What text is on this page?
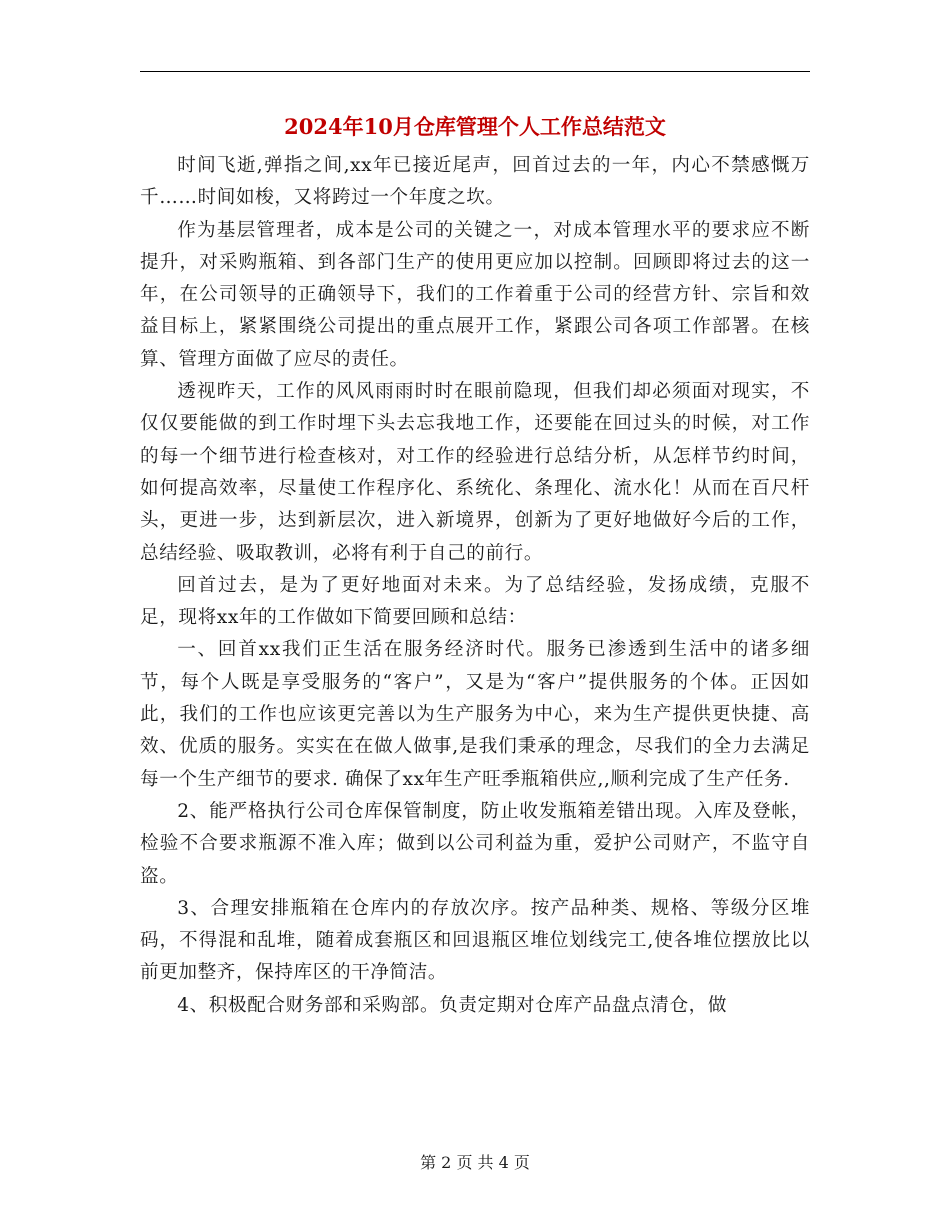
2024年10月仓库管理个人工作总结范文

时间飞逝,弹指之间,xx年已接近尾声，回首过去的一年，内心不禁感慨万千……时间如梭，又将跨过一个年度之坎。

作为基层管理者，成本是公司的关键之一，对成本管理水平的要求应不断提升，对采购瓶箱、到各部门生产的使用更应加以控制。回顾即将过去的这一年，在公司领导的正确领导下，我们的工作着重于公司的经营方针、宗旨和效益目标上，紧紧围绕公司提出的重点展开工作，紧跟公司各项工作部署。在核算、管理方面做了应尽的责任。

透视昨天，工作的风风雨雨时时在眼前隐现，但我们却必须面对现实，不仅仅要能做的到工作时埋下头去忘我地工作，还要能在回过头的时候，对工作的每一个细节进行检查核对，对工作的经验进行总结分析，从怎样节约时间，如何提高效率，尽量使工作程序化、系统化、条理化、流水化！从而在百尺杆头，更进一步，达到新层次，进入新境界，创新为了更好地做好今后的工作，总结经验、吸取教训，必将有利于自己的前行。

回首过去，是为了更好地面对未来。为了总结经验，发扬成绩，克服不足，现将xx年的工作做如下简要回顾和总结：

一、回首xx我们正生活在服务经济时代。服务已渗透到生活中的诸多细节，每个人既是享受服务的“客户”，又是为“客户”提供服务的个体。正因如此，我们的工作也应该更完善以为生产服务为中心，来为生产提供更快捷、高效、优质的服务。实实在在做人做事,是我们秉承的理念，尽我们的全力去满足每一个生产细节的要求. 确保了xx年生产旺季瓶箱供应,,顺利完成了生产任务.

2、能严格执行公司仓库保管制度，防止收发瓶箱差错出现。入库及登帐，检验不合要求瓶源不准入库；做到以公司利益为重，爱护公司财产，不监守自盗。

3、合理安排瓶箱在仓库内的存放次序。按产品种类、规格、等级分区堆码，不得混和乱堆，随着成套瓶区和回退瓶区堆位划线完工,使各堆位摆放比以前更加整齐，保持库区的干净简洁。

4、积极配合财务部和采购部。负责定期对仓库产品盘点清仓，做

第 2 页 共 4 页
